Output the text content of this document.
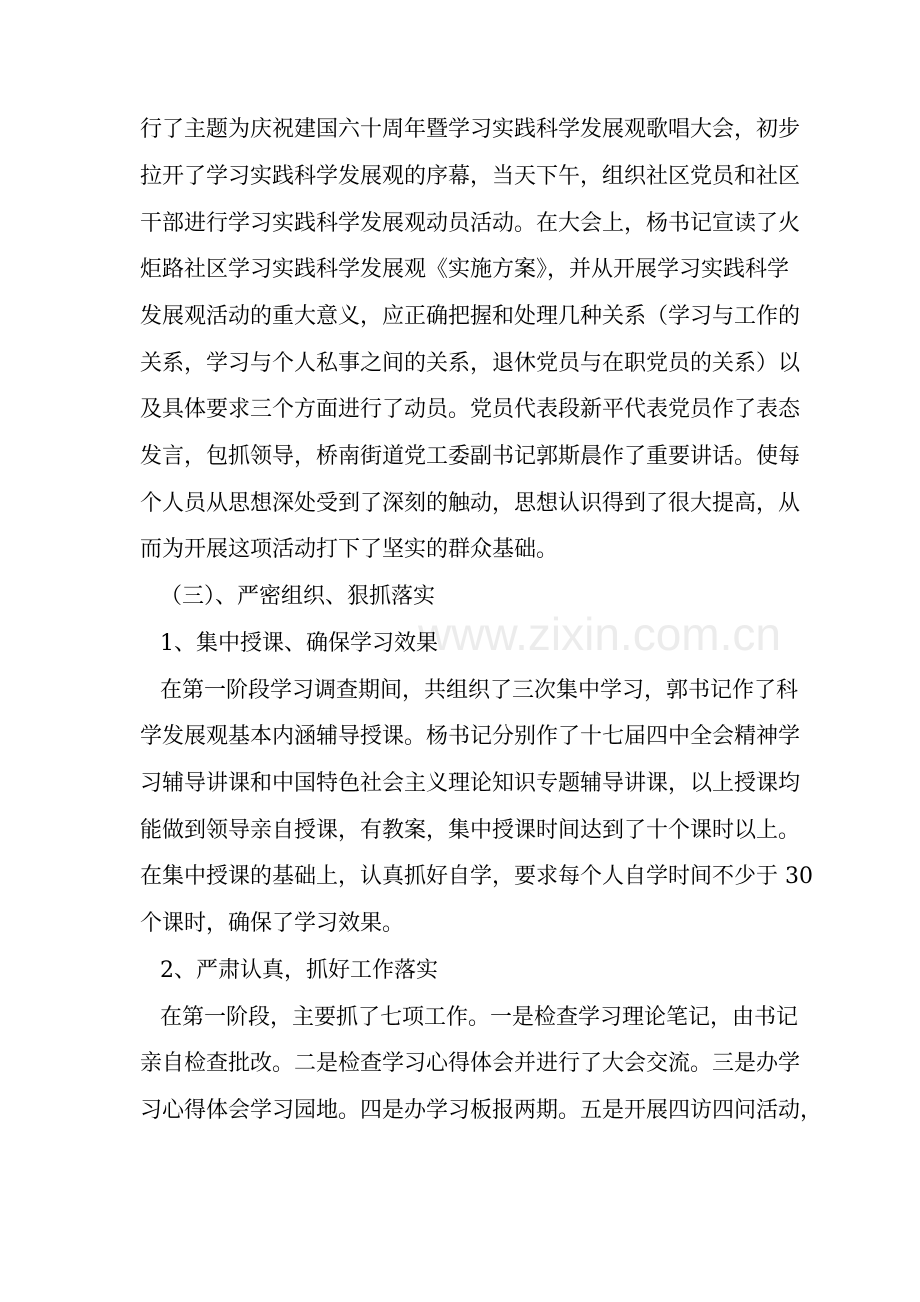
www.zixin.com.cn
行了主题为庆祝建国六十周年暨学习实践科学发展观歌唱大会，初步
拉开了学习实践科学发展观的序幕，当天下午，组织社区党员和社区
干部进行学习实践科学发展观动员活动。在大会上，杨书记宣读了火
炬路社区学习实践科学发展观《实施方案》，并从开展学习实践科学
发展观活动的重大意义，应正确把握和处理几种关系（学习与工作的
关系，学习与个人私事之间的关系，退休党员与在职党员的关系）以
及具体要求三个方面进行了动员。党员代表段新平代表党员作了表态
发言，包抓领导，桥南街道党工委副书记郭斯晨作了重要讲话。使每
个人员从思想深处受到了深刻的触动，思想认识得到了很大提高，从
而为开展这项活动打下了坚实的群众基础。
（三）、严密组织、狠抓落实
1、集中授课、确保学习效果
在第一阶段学习调查期间，共组织了三次集中学习，郭书记作了科
学发展观基本内涵辅导授课。杨书记分别作了十七届四中全会精神学
习辅导讲课和中国特色社会主义理论知识专题辅导讲课，以上授课均
能做到领导亲自授课，有教案，集中授课时间达到了十个课时以上。
在集中授课的基础上，认真抓好自学，要求每个人自学时间不少于 30
个课时，确保了学习效果。
2、严肃认真，抓好工作落实
在第一阶段，主要抓了七项工作。一是检查学习理论笔记，由书记
亲自检查批改。二是检查学习心得体会并进行了大会交流。三是办学
习心得体会学习园地。四是办学习板报两期。五是开展四访四问活动，
